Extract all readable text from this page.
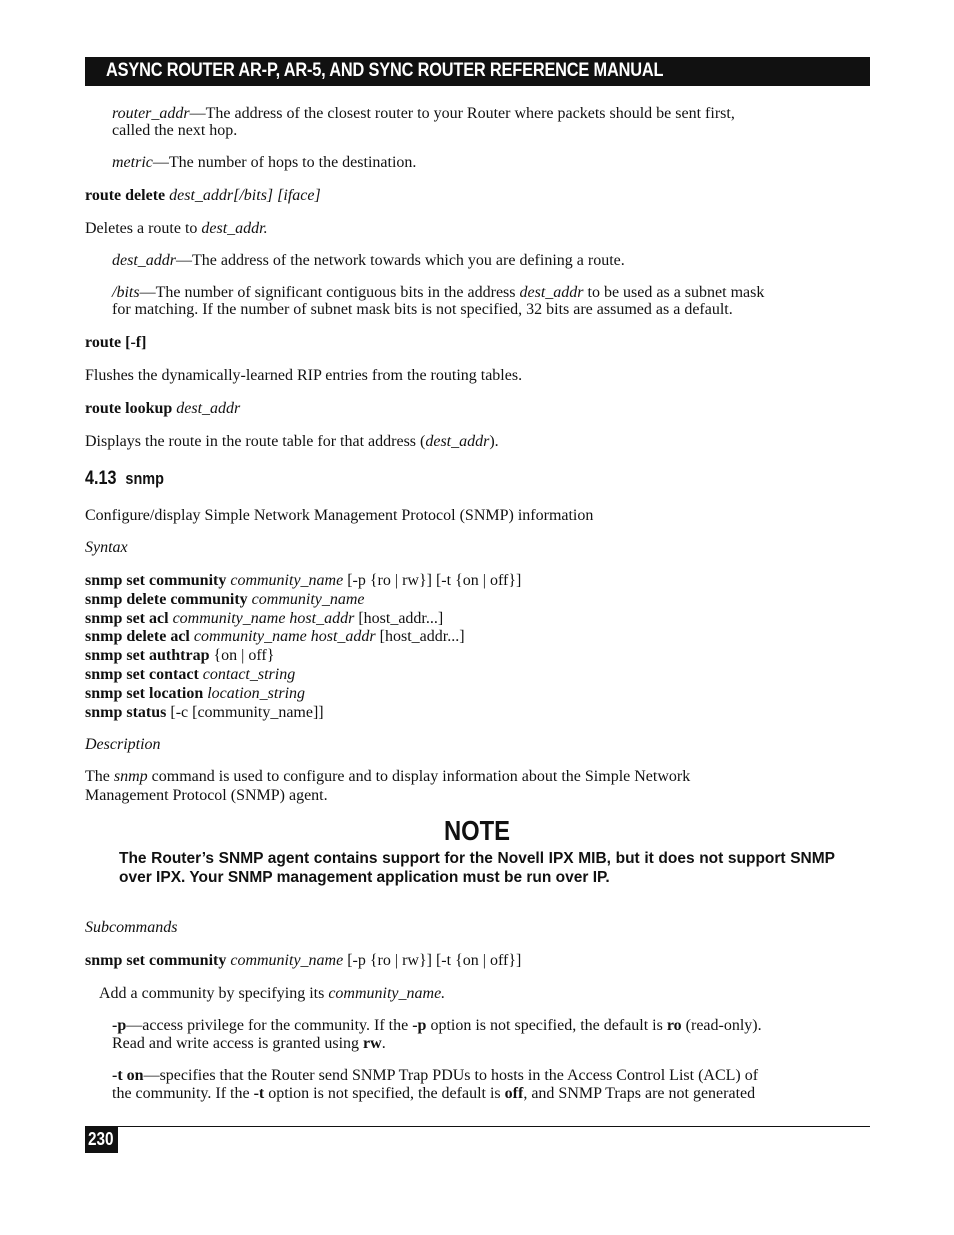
ASYNC ROUTER AR-P, AR-5, AND SYNC ROUTER REFERENCE MANUAL
router_addr—The address of the closest router to your Router where packets should be sent first,
called the next hop.
metric—The number of hops to the destination.
route delete dest_addr[/bits] [iface]
Deletes a route to dest_addr.
dest_addr—The address of the network towards which you are defining a route.
/bits—The number of significant contiguous bits in the address dest_addr to be used as a subnet mask
for matching. If the number of subnet mask bits is not specified, 32 bits are assumed as a default.
route [-f]
Flushes the dynamically-learned RIP entries from the routing tables.
route lookup dest_addr
Displays the route in the route table for that address (dest_addr).
4.13 snmp
Configure/display Simple Network Management Protocol (SNMP) information
Syntax
snmp set community community_name [-p {ro | rw}] [-t {on | off}]
snmp delete community community_name
snmp set acl community_name host_addr [host_addr...]
snmp delete acl community_name host_addr [host_addr...]
snmp set authtrap {on | off}
snmp set contact contact_string
snmp set location location_string
snmp status [-c [community_name]]
Description
The snmp command is used to configure and to display information about the Simple Network
Management Protocol (SNMP) agent.
NOTE
The Router’s SNMP agent contains support for the Novell IPX MIB, but it does not support SNMP over IPX. Your SNMP management application must be run over IP.
Subcommands
snmp set community community_name [-p {ro | rw}] [-t {on | off}]
Add a community by specifying its community_name.
-p—access privilege for the community. If the -p option is not specified, the default is ro (read-only).
Read and write access is granted using rw.
-t on—specifies that the Router send SNMP Trap PDUs to hosts in the Access Control List (ACL) of
the community. If the -t option is not specified, the default is off, and SNMP Traps are not generated
230
